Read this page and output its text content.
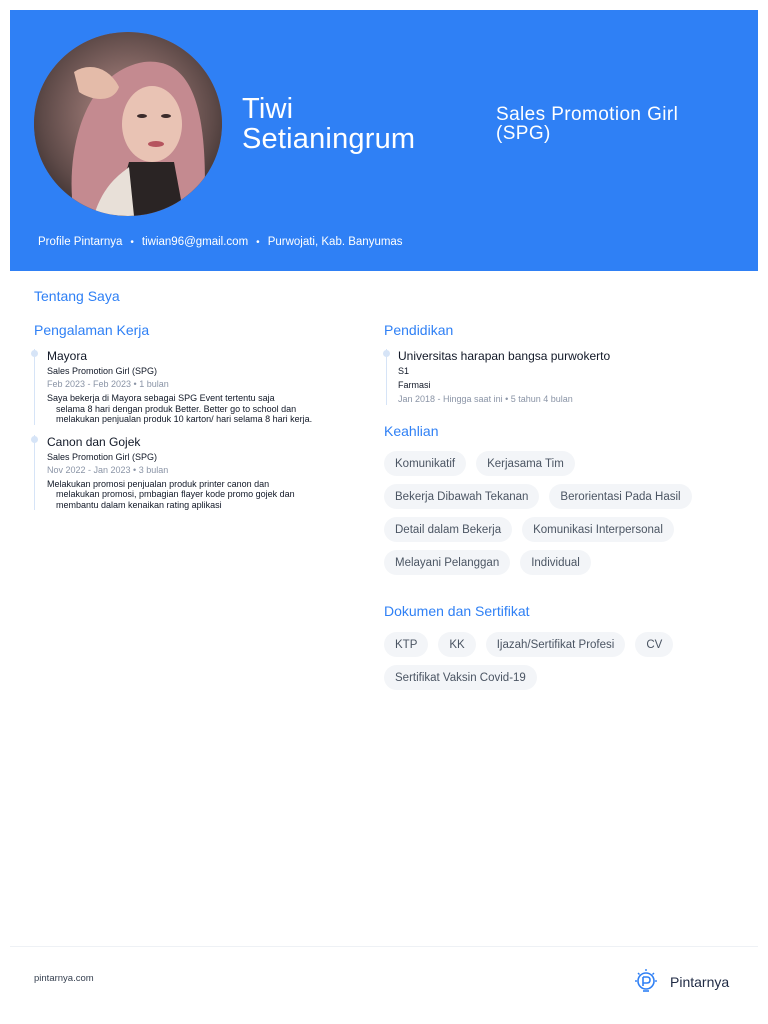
Tiwi
Setianingrum
Sales Promotion Girl (SPG)
Profile Pintarnya • tiwian96@gmail.com • Purwojati, Kab. Banyumas
Tentang Saya
Pengalaman Kerja	Pendidikan
Keahlian
Dokumen dan Sertifikat
Mayora
Sales Promotion Girl (SPG)
Feb 2023 - Feb 2023 • 1 bulan
Saya bekerja di Mayora sebagai SPG Event tertentu saja
selama 8 hari dengan produk Better. Better go to school dan melakukan penjualan produk 10 karton/ hari selama 8 hari kerja.
Canon dan Gojek
Sales Promotion Girl (SPG)
Nov 2022 - Jan 2023 • 3 bulan
Melakukan promosi penjualan produk printer canon dan
melakukan promosi, pmbagian flayer kode promo gojek dan membantu dalam kenaikan rating aplikasi
Universitas harapan bangsa purwokerto
S1
Farmasi
Jan 2018 - Hingga saat ini • 5 tahun 4 bulan
Komunikatif	Kerjasama Tim
Bekerja Dibawah Tekanan	Berorientasi Pada Hasil
Detail dalam Bekerja	Komunikasi Interpersonal
Melayani Pelanggan	Individual
KTP	KK	Ijazah/Sertifikat Profesi	CV
Sertifikat Vaksin Covid-19
pintarnya.com	Pintarnya
